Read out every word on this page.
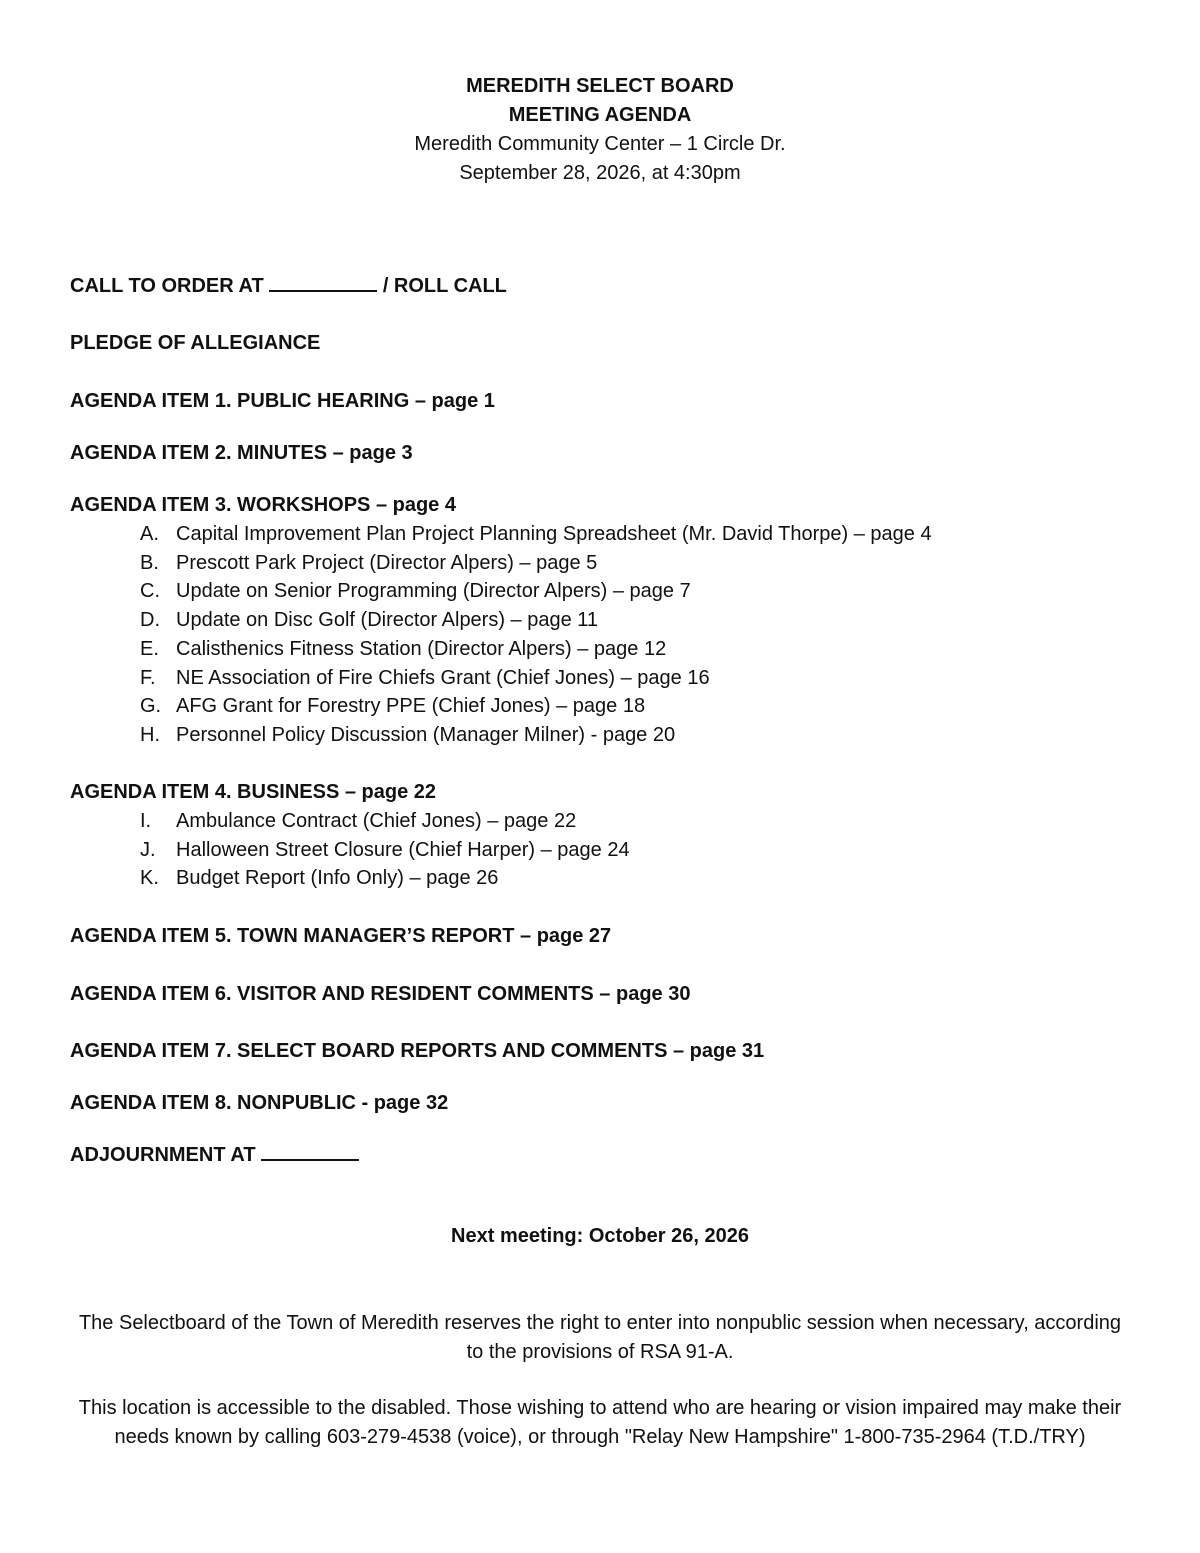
MEREDITH SELECT BOARD
MEETING AGENDA
Meredith Community Center – 1 Circle Dr.
September 28, 2026, at 4:30pm
CALL TO ORDER AT	/ ROLL CALL
PLEDGE OF ALLEGIANCE
AGENDA ITEM 1. PUBLIC HEARING – page 1
AGENDA ITEM 2. MINUTES – page 3
AGENDA ITEM 3. WORKSHOPS – page 4
A. Capital Improvement Plan Project Planning Spreadsheet (Mr. David Thorpe) – page 4
B. Prescott Park Project (Director Alpers) – page 5
C. Update on Senior Programming (Director Alpers) – page 7
D. Update on Disc Golf (Director Alpers) – page 11
E. Calisthenics Fitness Station (Director Alpers) – page 12
F.	NE Association of Fire Chiefs Grant (Chief Jones) – page 16
G. AFG Grant for Forestry PPE (Chief Jones) – page 18
H. Personnel Policy Discussion (Manager Milner) - page 20
AGENDA ITEM 4. BUSINESS – page 22
I.	Ambulance Contract (Chief Jones) – page 22
J.	Halloween Street Closure (Chief Harper) – page 24
K. Budget Report (Info Only) – page 26
AGENDA ITEM 5. TOWN MANAGER’S REPORT – page 27
AGENDA ITEM 6. VISITOR AND RESIDENT COMMENTS – page 30
AGENDA ITEM 7. SELECT BOARD REPORTS AND COMMENTS – page 31
AGENDA ITEM 8. NONPUBLIC - page 32
ADJOURNMENT AT
Next meeting: October 26, 2026
The Selectboard of the Town of Meredith reserves the right to enter into nonpublic session when necessary, according to the provisions of RSA 91-A.
This location is accessible to the disabled. Those wishing to attend who are hearing or vision impaired may make their needs known by calling 603-279-4538 (voice), or through "Relay New Hampshire" 1-800-735-2964 (T.D./TRY)
